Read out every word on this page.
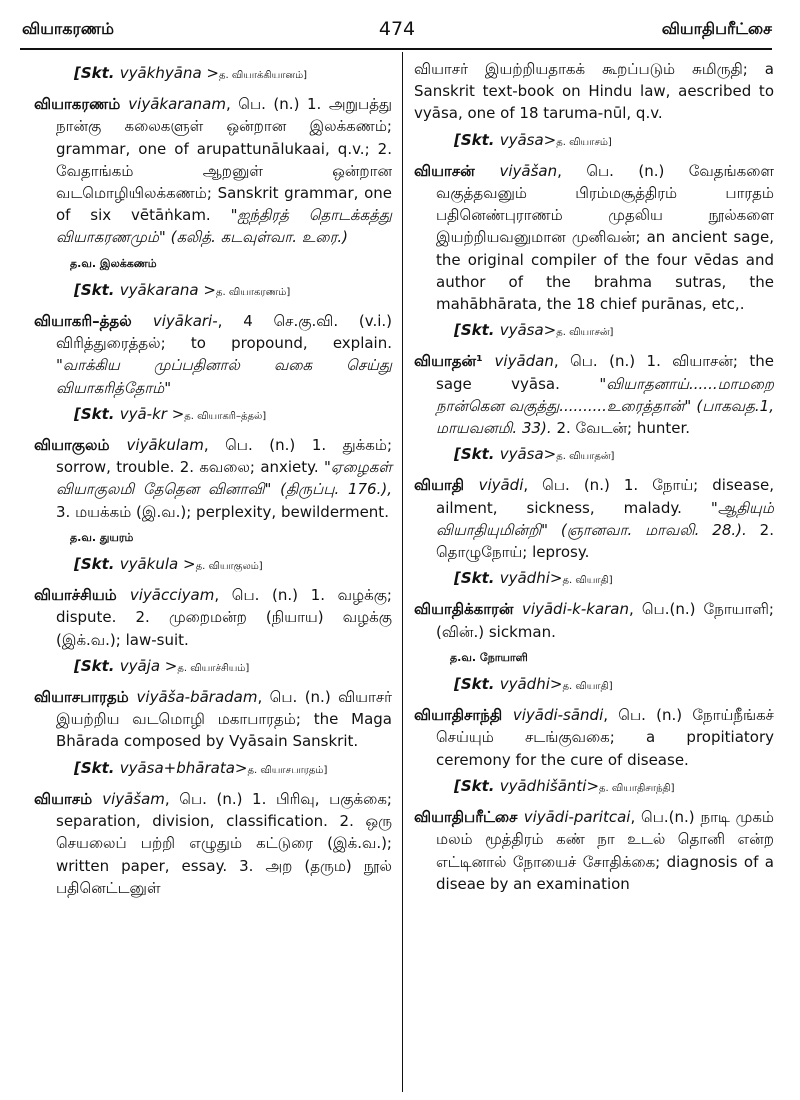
வியாகரணம்	474	வியாதிபரீட்சை
[Skt. vyākhyāna >த. வியாக்கியானம்]
வியாகரணம் viyākaranam, பெ. (n.) 1. அறுபத்து நான்கு கலைகளுள் ஒன்றான இலக்கணம்; grammar, one of arupattunālukaai, q.v.; 2. வேதாங்கம் ஆறனுள் ஒன்றான வடமொழியிலக்கணம்; Sanskrit grammar, one of six vētāṅkam. "ஐந்திரத் தொடக்கத்து வியாகரணமும்" (கலித். கடவுள்வா. உரை.)
த.வ. இலக்கணம்
[Skt. vyākarana >த. வியாகரணம்]
வியாகரி–த்தல் viyākari-, 4 செ.கு.வி. (v.i.) விரித்துரைத்தல்; to propound, explain. "வாக்கிய முப்பதினால் வகை செய்து வியாகரித்தோம்"
[Skt. vyā-kr >த. வியாகரி–த்தல்]
வியாகுலம் viyākulam, பெ. (n.) 1. துக்கம்; sorrow, trouble. 2. கவலை; anxiety. "ஏழைகள் வியாகுலமி தேதென வினாவி" (திருப்பு. 176.), 3. மயக்கம் (இ.வ.); perplexity, bewilderment.
த.வ. துயரம்
[Skt. vyākula >த. வியாகுலம்]
வியாச்சியம் viyācciyam, பெ. (n.) 1. வழக்கு; dispute. 2. முறைமன்ற (நியாய) வழக்கு (இக்.வ.); law-suit.
[Skt. vyāja >த. வியாச்சியம்]
வியாசபாரதம் viyāša-bāradam, பெ. (n.) வியாசர் இயற்றிய வடமொழி மகாபாரதம்; the Maga Bhārada composed by Vyāsain Sanskrit.
[Skt. vyāsa+bhārata>த. வியாசபாரதம்]
வியாசம் viyāšam, பெ. (n.) 1. பிரிவு, பகுக்கை; separation, division, classification. 2. ஒரு செயலைப் பற்றி எழுதும் கட்டுரை (இக்.வ.); written paper, essay. 3. அற (தரும) நூல் பதினெட்டனுள்
வியாசர் இயற்றியதாகக் கூறப்படும் சுமிருதி; a Sanskrit text-book on Hindu law, aescribed to vyāsa, one of 18 taruma-nūl, q.v.
[Skt. vyāsa>த. வியாசம்]
வியாசன் viyāšan, பெ. (n.) வேதங்களை வகுத்தவனும் பிரம்மசூத்திரம் பாரதம் பதினெண்புராணம் முதலிய நூல்களை இயற்றியவனுமான முனிவன்; an ancient sage, the original compiler of the four vēdas and author of the brahma sutras, the mahābhārata, the 18 chief purānas, etc,.
[Skt. vyāsa>த. வியாசன்]
வியாதன்¹ viyādan, பெ. (n.) 1. வியாசன்; the sage vyāsa.	"வியாதனாய்......மாமறை நான்கென வகுத்து..........உரைத்தான்" (பாகவத.1, மாயவனமி. 33). 2. வேடன்; hunter.
[Skt. vyāsa>த. வியாதன்]
வியாதி viyādi, பெ. (n.) 1. நோய்; disease, ailment, sickness, malady. "ஆதியும் வியாதியுமின்றி" (ஞானவா. மாவலி. 28.). 2. தொழுநோய்; leprosy.
[Skt. vyādhi>த. வியாதி]
வியாதிக்காரன் viyādi-k-karan, பெ.(n.) நோயாளி; (வின்.) sickman.
த.வ. நோயாளி
[Skt. vyādhi>த. வியாதி]
வியாதிசாந்தி viyādi-sāndi, பெ. (n.) நோய்நீங்கச் செய்யும் சடங்குவகை; a propitiatory ceremony for the cure of disease.
[Skt. vyādhišānti>த. வியாதிசாந்தி]
வியாதிபரீட்சை viyādi-paritcai, பெ.(n.) நாடி முகம் மலம் மூத்திரம் கண் நா உடல் தொனி என்ற எட்டினால் நோயைச் சோதிக்கை; diagnosis of a diseae by an examination
